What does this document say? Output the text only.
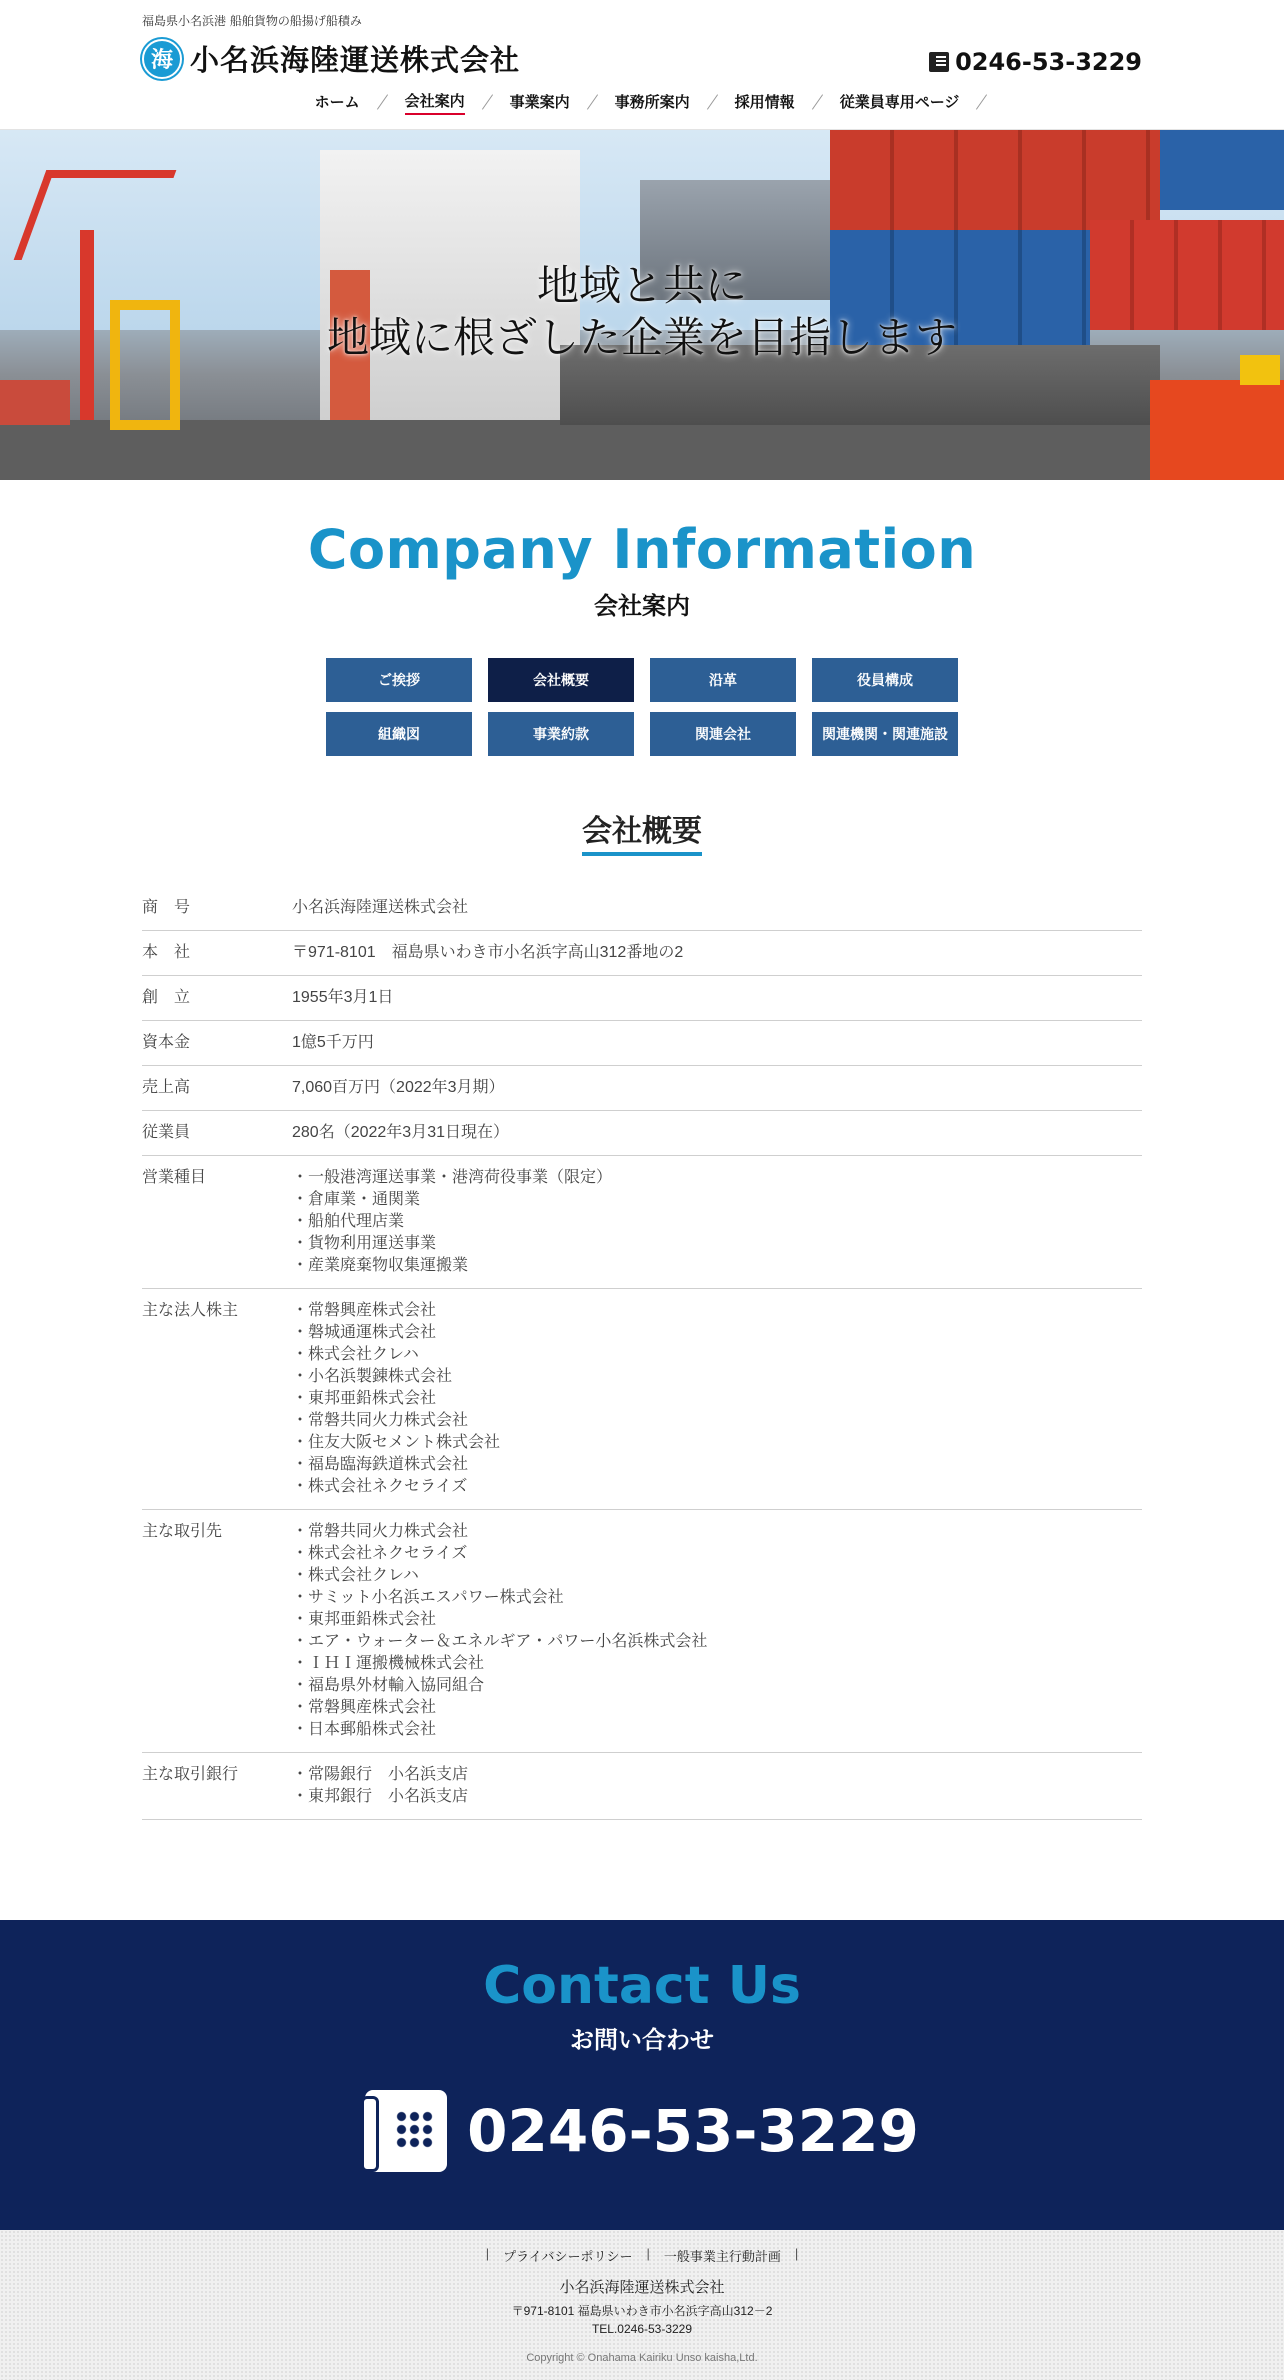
福島県小名浜港 船舶貨物の船揚げ船積み
海 小名浜海陸運送株式会社	0246-53-3229
ホーム	会社案内	事業案内	事務所案内	採用情報	従業員専用ページ
地域と共に
地域に根ざした企業を目指します
Company Information
会社案内
ご挨拶	会社概要	沿革	役員構成
組織図	事業約款	関連会社	関連機関・関連施設
会社概要
商　号	小名浜海陸運送株式会社
本　社	〒971-8101　福島県いわき市小名浜字高山312番地の2
創　立	1955年3月1日
資本金	1億5千万円
売上高	7,060百万円（2022年3月期）
従業員	280名（2022年3月31日現在）
営業種目	・一般港湾運送事業・港湾荷役事業（限定）
・倉庫業・通関業
・船舶代理店業
・貨物利用運送事業
・産業廃棄物収集運搬業
主な法人株主	・常磐興産株式会社
・磐城通運株式会社
・株式会社クレハ
・小名浜製錬株式会社
・東邦亜鉛株式会社
・常磐共同火力株式会社
・住友大阪セメント株式会社
・福島臨海鉄道株式会社
・株式会社ネクセライズ
主な取引先	・常磐共同火力株式会社
・株式会社ネクセライズ
・株式会社クレハ
・サミット小名浜エスパワー株式会社
・東邦亜鉛株式会社
・エア・ウォーター＆エネルギア・パワー小名浜株式会社
・ＩＨＩ運搬機械株式会社
・福島県外材輸入協同組合
・常磐興産株式会社
・日本郵船株式会社
主な取引銀行	・常陽銀行　小名浜支店
・東邦銀行　小名浜支店
Contact Us
お問い合わせ
0246-53-3229
| プライバシーポリシー | 一般事業主行動計画 |
小名浜海陸運送株式会社
〒971-8101 福島県いわき市小名浜字高山312－2
TEL.0246-53-3229
Copyright © Onahama Kairiku Unso kaisha,Ltd.
